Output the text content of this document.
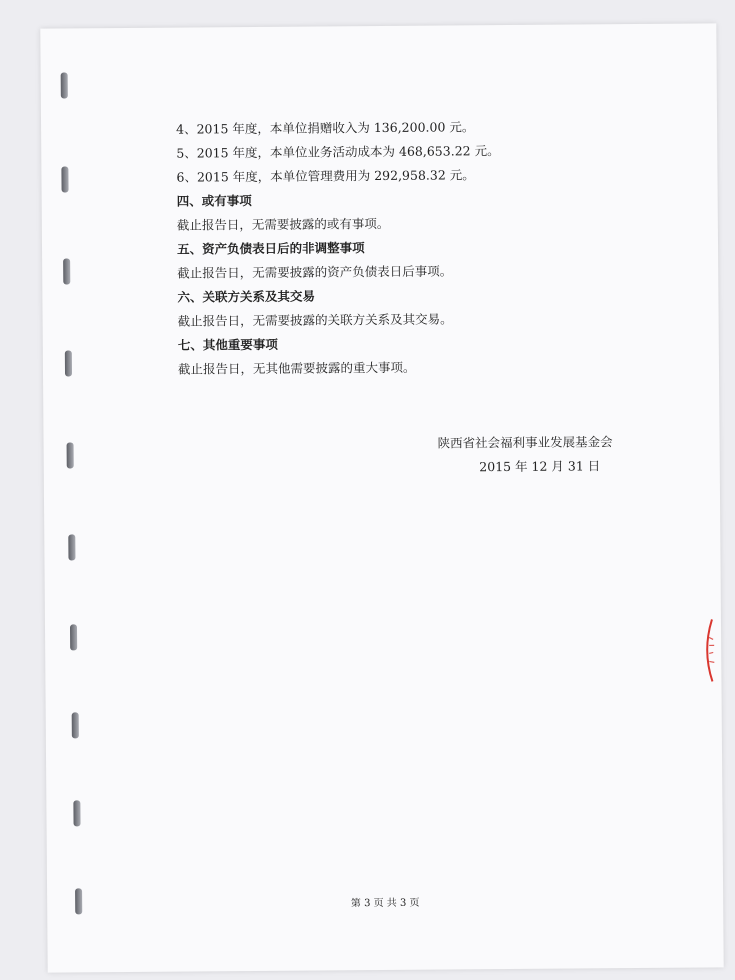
4、2015 年度，本单位捐赠收入为 136,200.00 元。
5、2015 年度，本单位业务活动成本为 468,653.22 元。
6、2015 年度，本单位管理费用为 292,958.32 元。
四、或有事项
截止报告日，无需要披露的或有事项。
五、资产负债表日后的非调整事项
截止报告日，无需要披露的资产负债表日后事项。
六、关联方关系及其交易
截止报告日，无需要披露的关联方关系及其交易。
七、其他重要事项
截止报告日，无其他需要披露的重大事项。
陕西省社会福利事业发展基金会
2015 年 12 月 31 日
第 3 页 共 3 页
